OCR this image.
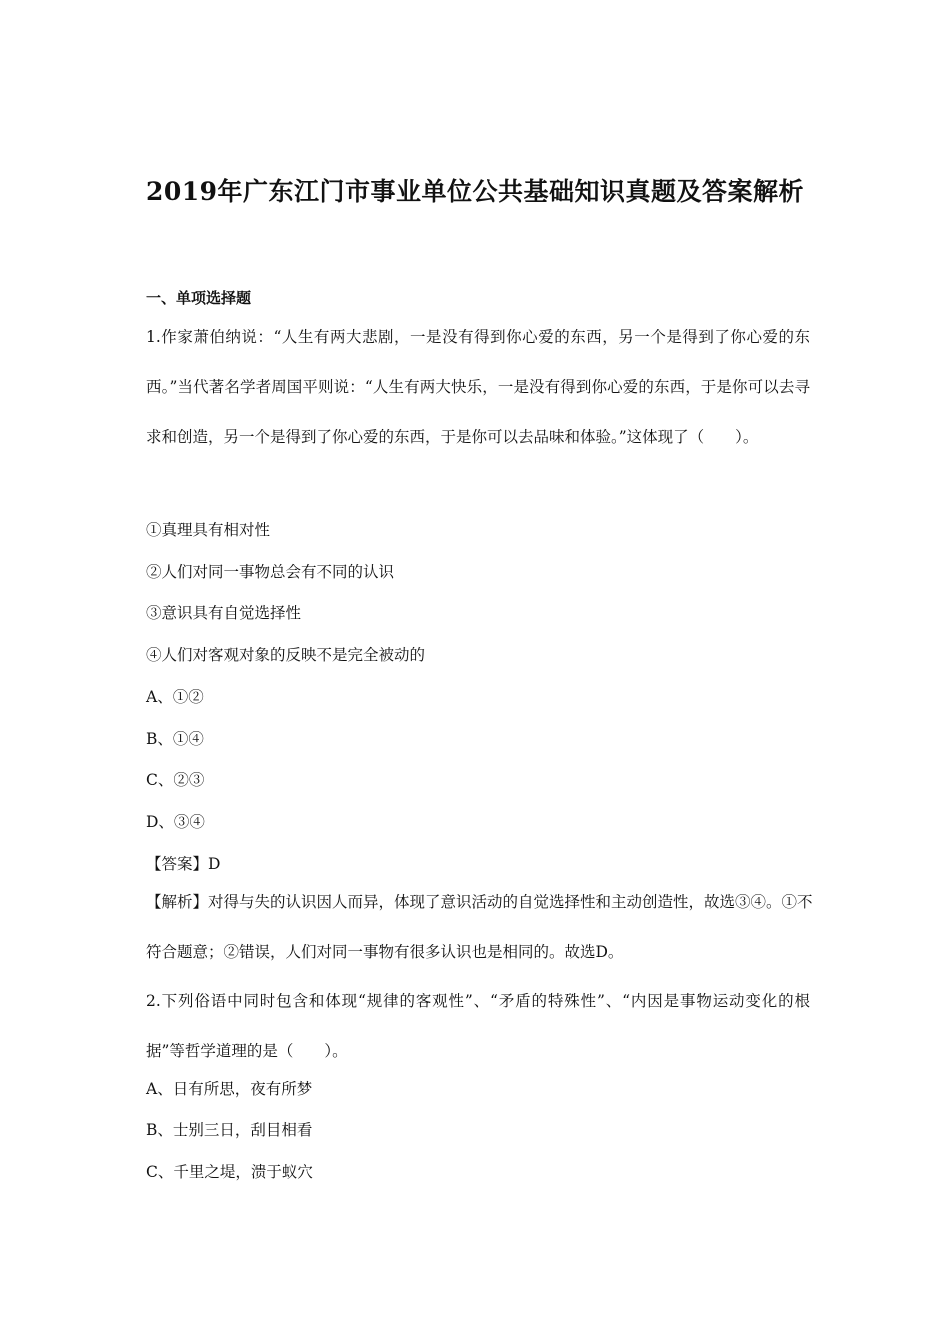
2019年广东江门市事业单位公共基础知识真题及答案解析

一、单项选择题

1.作家萧伯纳说：“人生有两大悲剧，一是没有得到你心爱的东西，另一个是得到了你心爱的东西。”当代著名学者周国平则说：“人生有两大快乐，一是没有得到你心爱的东西，于是你可以去寻求和创造，另一个是得到了你心爱的东西，于是你可以去品味和体验。”这体现了（　　）。

①真理具有相对性

②人们对同一事物总会有不同的认识

③意识具有自觉选择性

④人们对客观对象的反映不是完全被动的

A、①②

B、①④

C、②③

D、③④

【答案】D

【解析】对得与失的认识因人而异，体现了意识活动的自觉选择性和主动创造性，故选③④。①不符合题意；②错误，人们对同一事物有很多认识也是相同的。故选D。

2.下列俗语中同时包含和体现“规律的客观性”、“矛盾的特殊性”、“内因是事物运动变化的根据”等哲学道理的是（　　）。

A、日有所思，夜有所梦

B、士别三日，刮目相看

C、千里之堤，溃于蚁穴
